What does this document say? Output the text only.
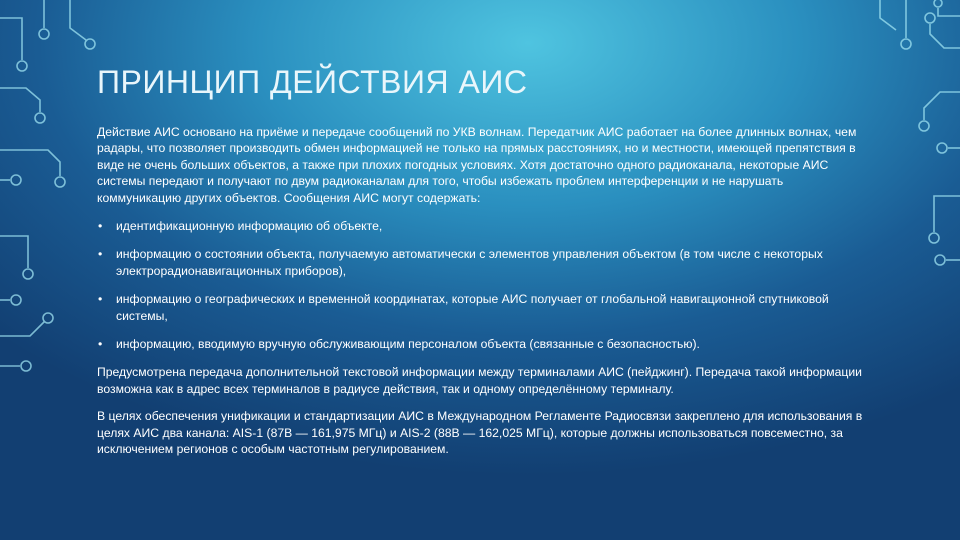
ПРИНЦИП ДЕЙСТВИЯ АИС

Действие АИС основано на приёме и передаче сообщений по УКВ волнам. Передатчик АИС работает на более длинных волнах, чем радары, что позволяет производить обмен информацией не только на прямых расстояниях, но и местности, имеющей препятствия в виде не очень больших объектов, а также при плохих погодных условиях. Хотя достаточно одного радиоканала, некоторые АИС системы передают и получают по двум радиоканалам для того, чтобы избежать проблем интерференции и не нарушать коммуникацию других объектов. Сообщения АИС могут содержать:

• идентификационную информацию об объекте,
• информацию о состоянии объекта, получаемую автоматически с элементов управления объектом (в том числе с некоторых электрорадионавигационных приборов),
• информацию о географических и временной координатах, которые АИС получает от глобальной навигационной спутниковой системы,
• информацию, вводимую вручную обслуживающим персоналом объекта (связанные с безопасностью).

Предусмотрена передача дополнительной текстовой информации между терминалами АИС (пейджинг). Передача такой информации возможна как в адрес всех терминалов в радиусе действия, так и одному определённому терминалу.

В целях обеспечения унификации и стандартизации АИС в Международном Регламенте Радиосвязи закреплено для использования в целях АИС два канала: AIS-1 (87В — 161,975 МГц) и AIS-2 (88В — 162,025 МГц), которые должны использоваться повсеместно, за исключением регионов с особым частотным регулированием.
